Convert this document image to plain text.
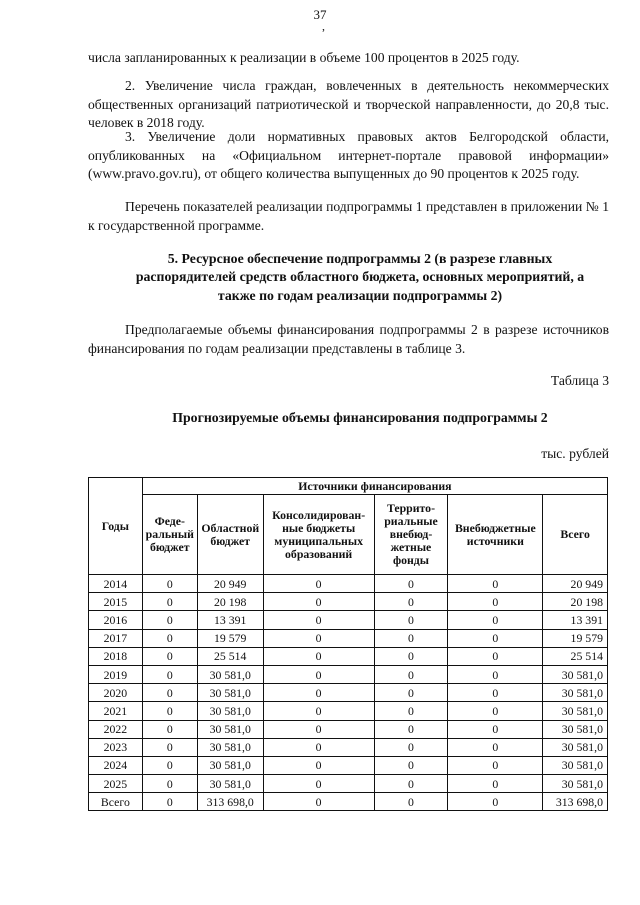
37
,

числа запланированных к реализации в объеме 100 процентов в 2025 году.

2. Увеличение числа граждан, вовлеченных в деятельность некоммерческих общественных организаций патриотической и творческой направленности, до 20,8 тыс. человек в 2018 году.

3. Увеличение доли нормативных правовых актов Белгородской области, опубликованных на «Официальном интернет-портале правовой информации» (www.pravo.gov.ru), от общего количества выпущенных до 90 процентов к 2025 году.

Перечень показателей реализации подпрограммы 1 представлен в приложении № 1 к государственной программе.

5. Ресурсное обеспечение подпрограммы 2 (в разрезе главных распорядителей средств областного бюджета, основных мероприятий, а также по годам реализации подпрограммы 2)

Предполагаемые объемы финансирования подпрограммы 2 в разрезе источников финансирования по годам реализации представлены в таблице 3.

Таблица 3
Прогнозируемые объемы финансирования подпрограммы 2
тыс. рублей
Годы	Источники финансирования					
	Феде-ральный бюджет	Областной бюджет	Консолидирован-ные бюджеты муниципальных образований	Террито-риальные внебюд-жетные фонды	Внебюджетные источники	Всего
2014	0	20 949	0	0	0	20 949
2015	0	20 198	0	0	0	20 198
2016	0	13 391	0	0	0	13 391
2017	0	19 579	0	0	0	19 579
2018	0	25 514	0	0	0	25 514
2019	0	30 581,0	0	0	0	30 581,0
2020	0	30 581,0	0	0	0	30 581,0
2021	0	30 581,0	0	0	0	30 581,0
2022	0	30 581,0	0	0	0	30 581,0
2023	0	30 581,0	0	0	0	30 581,0
2024	0	30 581,0	0	0	0	30 581,0
2025	0	30 581,0	0	0	0	30 581,0
Всего	0	313 698,0	0	0	0	313 698,0
